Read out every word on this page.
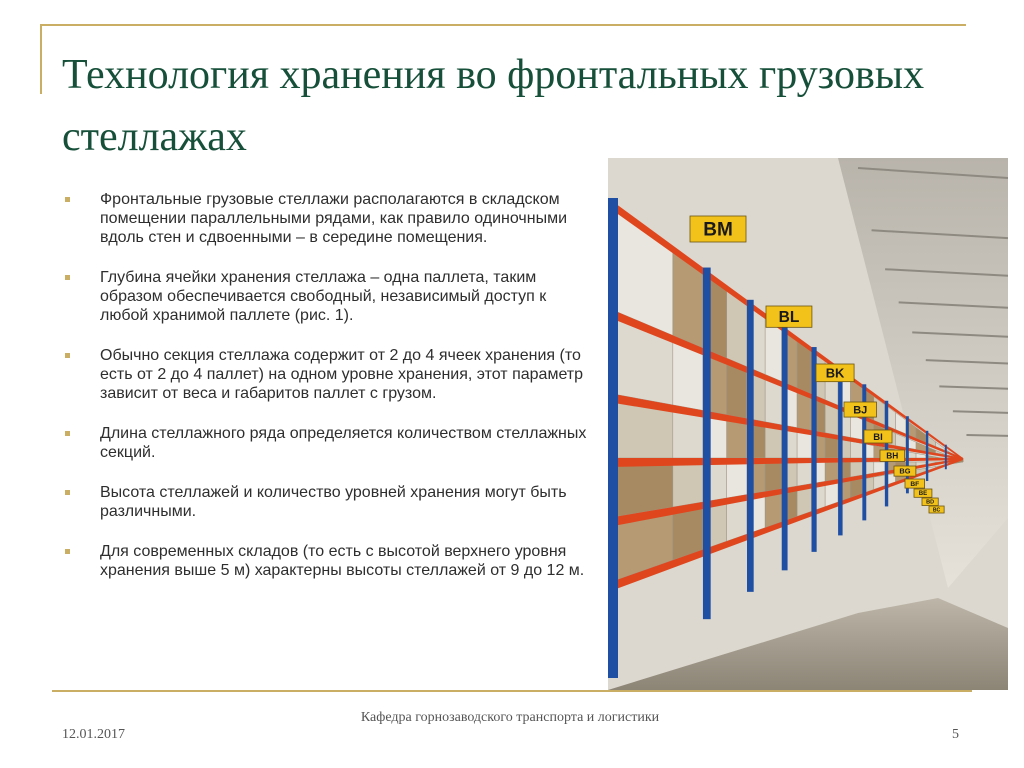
Технология хранения во фронтальных грузовых стеллажах
Фронтальные грузовые стеллажи располагаются в складском помещении параллельными рядами, как правило одиночными вдоль стен и сдвоенными – в середине помещения.
Глубина ячейки хранения стеллажа – одна паллета, таким образом обеспечивается свободный, независимый доступ к любой хранимой паллете (рис. 1).
Обычно секция стеллажа содержит от 2 до 4 ячеек хранения (то есть от 2 до 4 паллет) на одном уровне хранения, этот параметр зависит от веса и габаритов паллет с грузом.
Длина стеллажного ряда определяется количеством стеллажных секций.
Высота стеллажей и количество уровней хранения могут быть различными.
Для современных складов (то есть с высотой верхнего уровня хранения выше 5 м) характерны высоты стеллажей от 9 до 12 м.
BM
BL
BK
BJ
BI
BH
BG
BF
BE
BD
BC
12.01.2017
Кафедра горнозаводского транспорта и логистики
5
